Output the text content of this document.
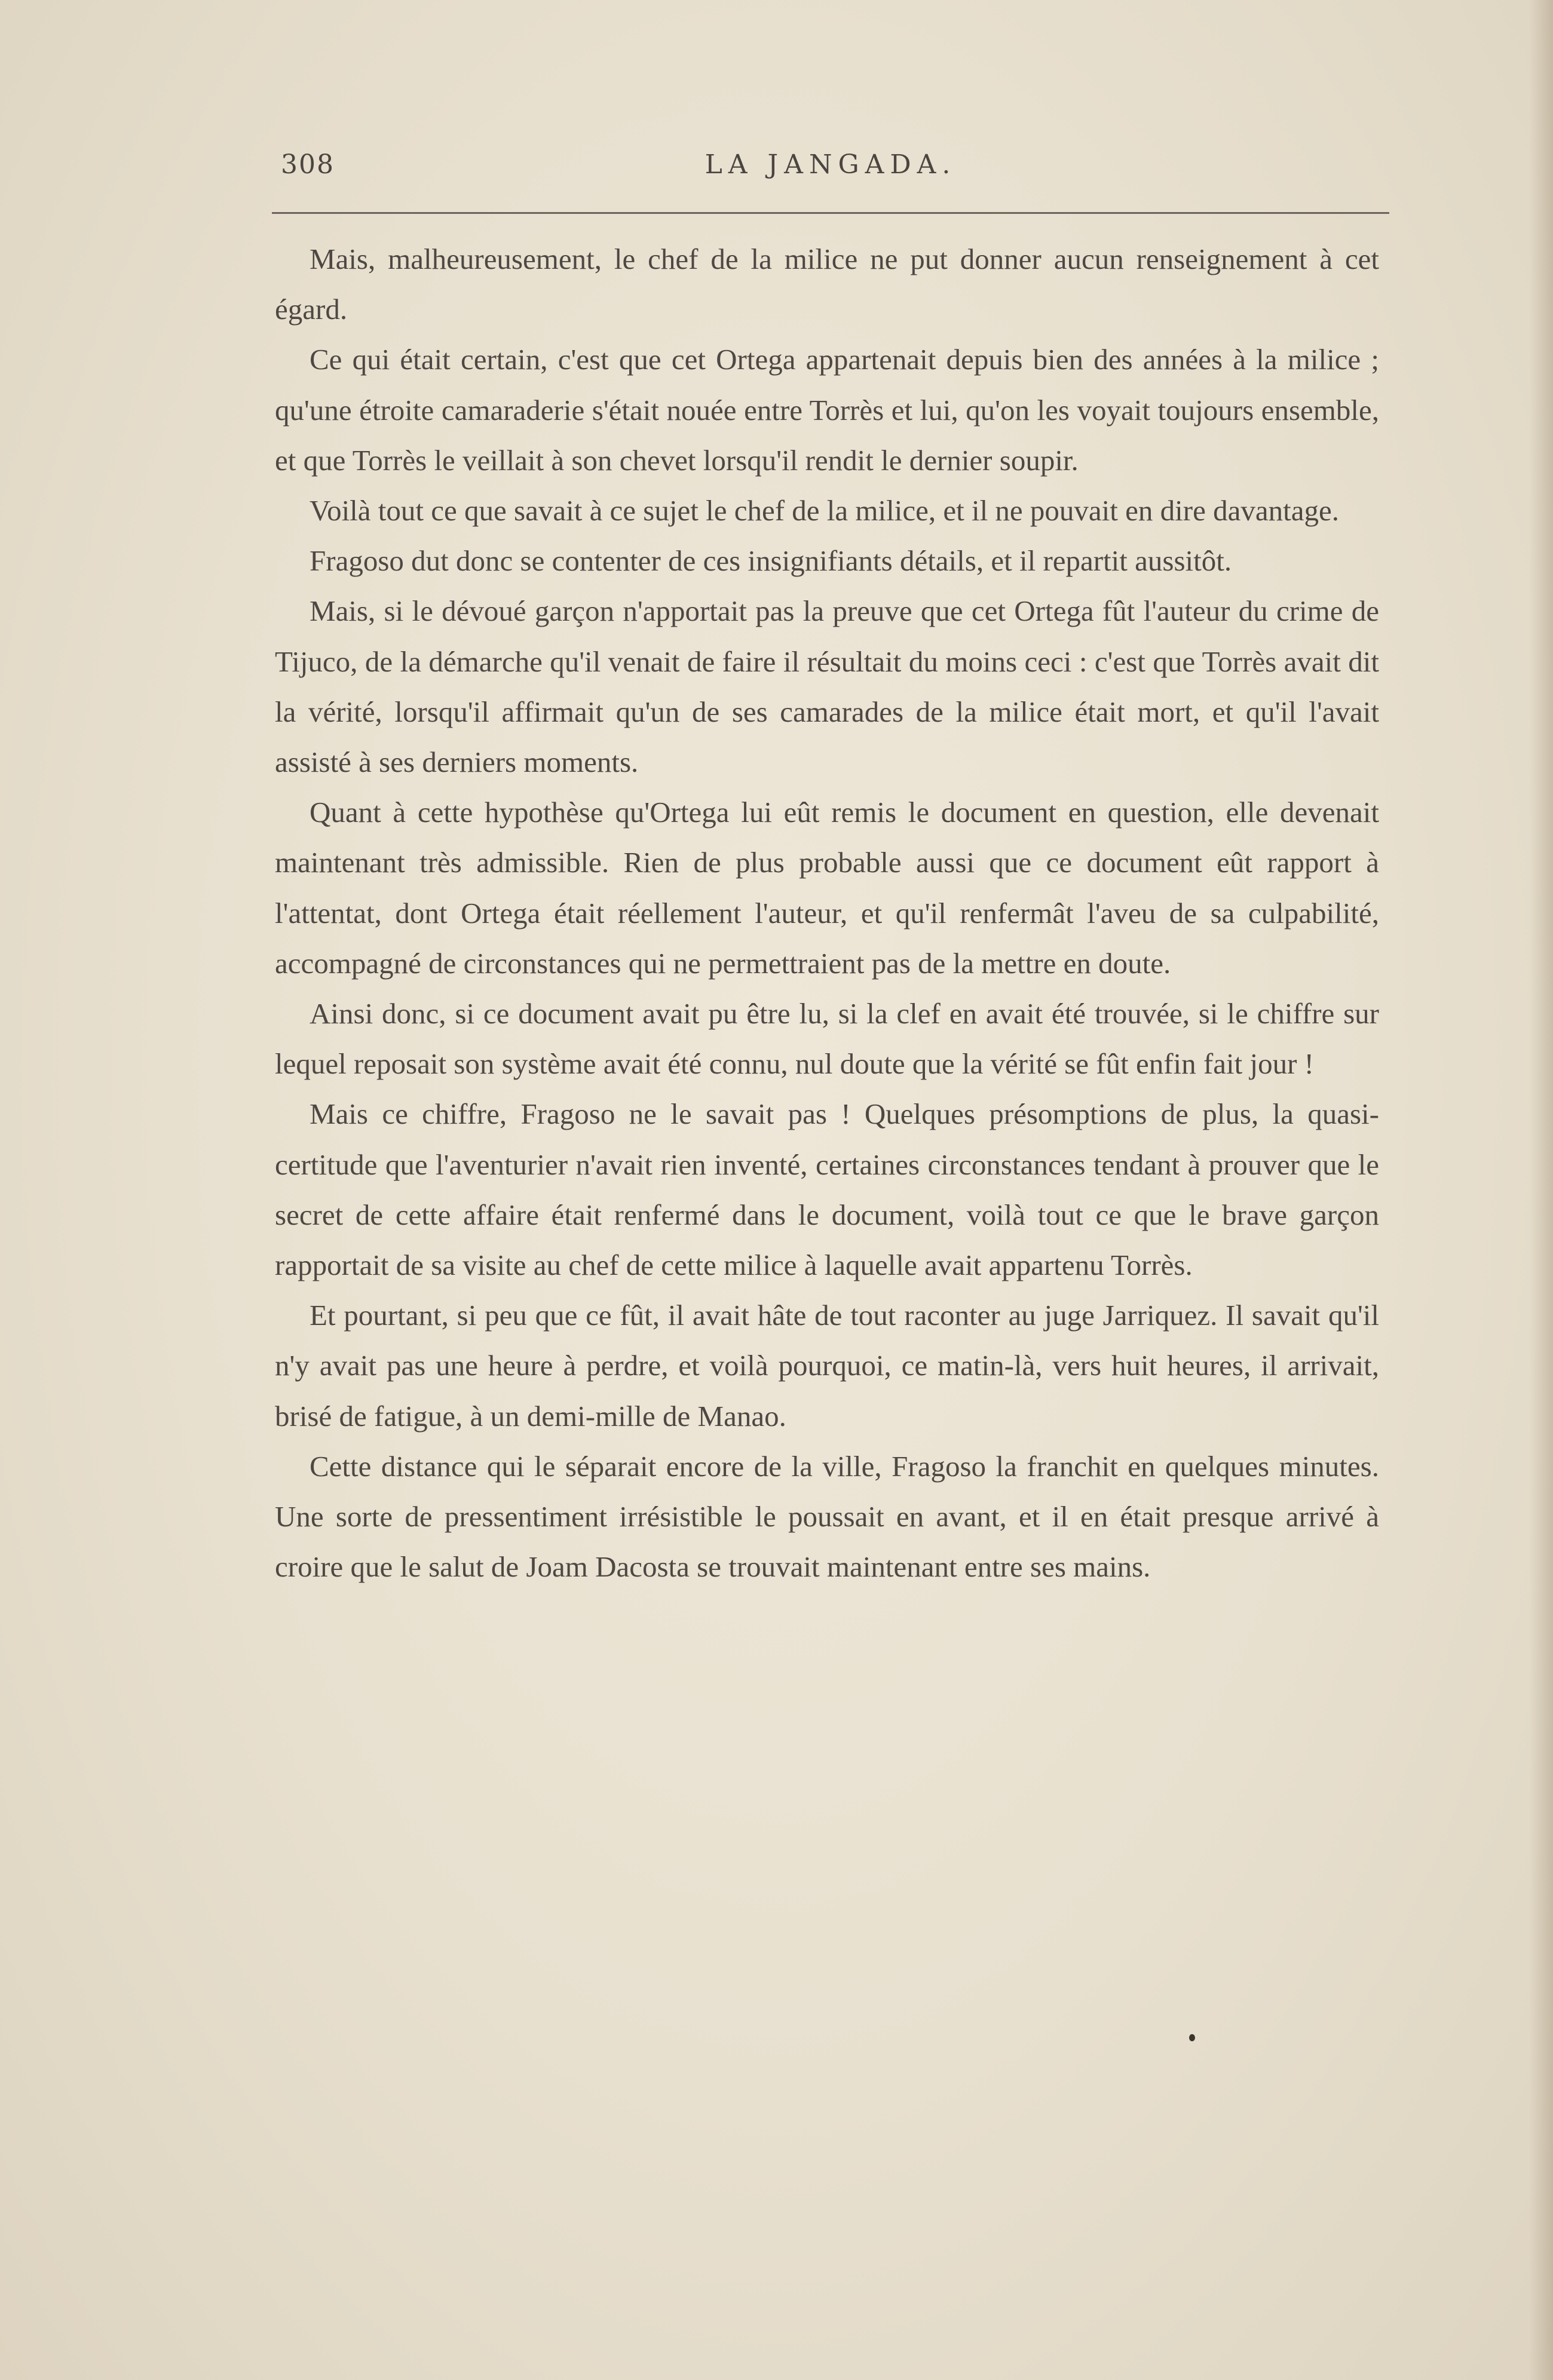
308	LA JANGADA.

Mais, malheureusement, le chef de la milice ne put donner aucun renseignement à cet égard.

Ce qui était certain, c'est que cet Ortega appartenait depuis bien des années à la milice ; qu'une étroite camaraderie s'était nouée entre Torrès et lui, qu'on les voyait toujours ensemble, et que Torrès le veillait à son chevet lorsqu'il rendit le dernier soupir.

Voilà tout ce que savait à ce sujet le chef de la milice, et il ne pouvait en dire davantage.

Fragoso dut donc se contenter de ces insignifiants détails, et il repartit aussitôt.

Mais, si le dévoué garçon n'apportait pas la preuve que cet Ortega fût l'auteur du crime de Tijuco, de la démarche qu'il venait de faire il résultait du moins ceci : c'est que Torrès avait dit la vérité, lorsqu'il affirmait qu'un de ses camarades de la milice était mort, et qu'il l'avait assisté à ses derniers moments.

Quant à cette hypothèse qu'Ortega lui eût remis le document en question, elle devenait maintenant très admissible. Rien de plus probable aussi que ce document eût rapport à l'attentat, dont Ortega était réellement l'auteur, et qu'il renfermât l'aveu de sa culpabilité, accompagné de circonstances qui ne permettraient pas de la mettre en doute.

Ainsi donc, si ce document avait pu être lu, si la clef en avait été trouvée, si le chiffre sur lequel reposait son système avait été connu, nul doute que la vérité se fût enfin fait jour !

Mais ce chiffre, Fragoso ne le savait pas ! Quelques présomptions de plus, la quasi-certitude que l'aventurier n'avait rien inventé, certaines circonstances tendant à prouver que le secret de cette affaire était renfermé dans le document, voilà tout ce que le brave garçon rapportait de sa visite au chef de cette milice à laquelle avait appartenu Torrès.

Et pourtant, si peu que ce fût, il avait hâte de tout raconter au juge Jarriquez. Il savait qu'il n'y avait pas une heure à perdre, et voilà pourquoi, ce matin-là, vers huit heures, il arrivait, brisé de fatigue, à un demi-mille de Manao.

Cette distance qui le séparait encore de la ville, Fragoso la franchit en quelques minutes. Une sorte de pressentiment irrésistible le poussait en avant, et il en était presque arrivé à croire que le salut de Joam Dacosta se trouvait maintenant entre ses mains.
